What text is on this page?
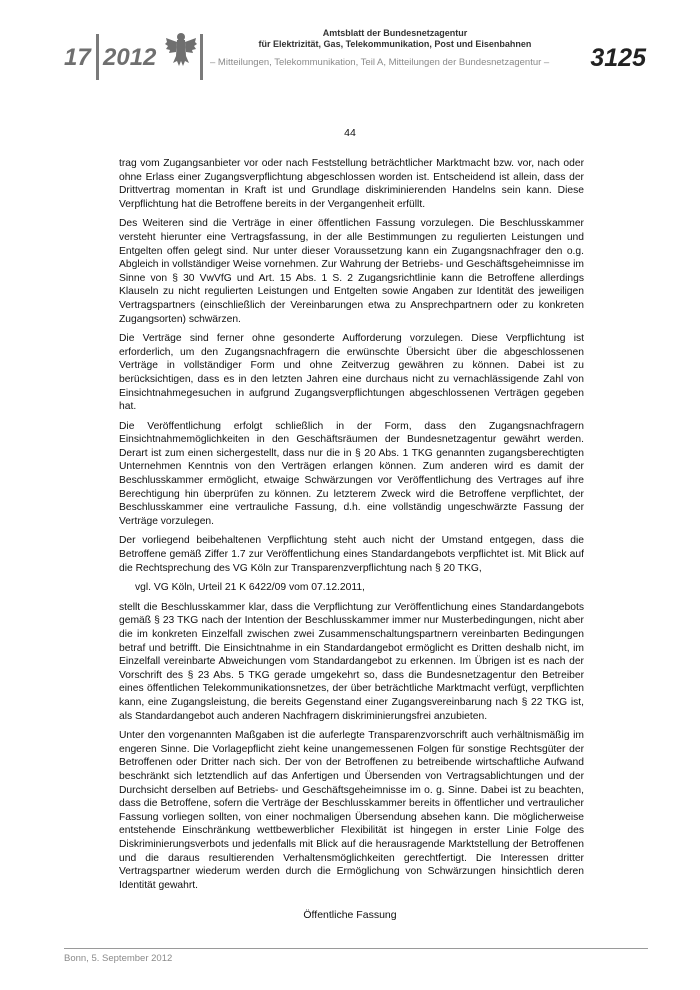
17 2012
Amtsblatt der Bundesnetzagentur
für Elektrizität, Gas, Telekommunikation, Post und Eisenbahnen
– Mitteilungen, Telekommunikation, Teil A, Mitteilungen der Bundesnetzagentur – 3125
44

trag vom Zugangsanbieter vor oder nach Feststellung beträchtlicher Marktmacht bzw. vor, nach oder ohne Erlass einer Zugangsverpflichtung abgeschlossen worden ist. Entscheidend ist allein, dass der Drittvertrag momentan in Kraft ist und Grundlage diskriminierenden Handelns sein kann. Diese Verpflichtung hat die Betroffene bereits in der Vergangenheit erfüllt.

Des Weiteren sind die Verträge in einer öffentlichen Fassung vorzulegen. Die Beschlusskammer versteht hierunter eine Vertragsfassung, in der alle Bestimmungen zu regulierten Leistungen und Entgelten offen gelegt sind. Nur unter dieser Voraussetzung kann ein Zugangsnachfrager den o.g. Abgleich in vollständiger Weise vornehmen. Zur Wahrung der Betriebs- und Geschäftsgeheimnisse im Sinne von § 30 VwVfG und Art. 15 Abs. 1 S. 2 Zugangsrichtlinie kann die Betroffene allerdings Klauseln zu nicht regulierten Leistungen und Entgelten sowie Angaben zur Identität des jeweiligen Vertragspartners (einschließlich der Vereinbarungen etwa zu Ansprechpartnern oder zu konkreten Zugangsorten) schwärzen.

Die Verträge sind ferner ohne gesonderte Aufforderung vorzulegen. Diese Verpflichtung ist erforderlich, um den Zugangsnachfragern die erwünschte Übersicht über die abgeschlossenen Verträge in vollständiger Form und ohne Zeitverzug gewähren zu können. Dabei ist zu berücksichtigen, dass es in den letzten Jahren eine durchaus nicht zu vernachlässigende Zahl von Einsichtnahmegesuchen in aufgrund Zugangsverpflichtungen abgeschlossenen Verträgen gegeben hat.

Die Veröffentlichung erfolgt schließlich in der Form, dass den Zugangsnachfragern Einsichtnahmemöglichkeiten in den Geschäftsräumen der Bundesnetzagentur gewährt werden. Derart ist zum einen sichergestellt, dass nur die in § 20 Abs. 1 TKG genannten zugangsberechtigten Unternehmen Kenntnis von den Verträgen erlangen können. Zum anderen wird es damit der Beschlusskammer ermöglicht, etwaige Schwärzungen vor Veröffentlichung des Vertrages auf ihre Berechtigung hin überprüfen zu können. Zu letzterem Zweck wird die Betroffene verpflichtet, der Beschlusskammer eine vertrauliche Fassung, d.h. eine vollständig ungeschwärzte Fassung der Verträge vorzulegen.

Der vorliegend beibehaltenen Verpflichtung steht auch nicht der Umstand entgegen, dass die Betroffene gemäß Ziffer 1.7 zur Veröffentlichung eines Standardangebots verpflichtet ist. Mit Blick auf die Rechtsprechung des VG Köln zur Transparenzverpflichtung nach § 20 TKG,

vgl. VG Köln, Urteil 21 K 6422/09 vom 07.12.2011,

stellt die Beschlusskammer klar, dass die Verpflichtung zur Veröffentlichung eines Standardangebots gemäß § 23 TKG nach der Intention der Beschlusskammer immer nur Musterbedingungen, nicht aber die im konkreten Einzelfall zwischen zwei Zusammenschaltungspartnern vereinbarten Bedingungen betraf und betrifft. Die Einsichtnahme in ein Standardangebot ermöglicht es Dritten deshalb nicht, im Einzelfall vereinbarte Abweichungen vom Standardangebot zu erkennen. Im Übrigen ist es nach der Vorschrift des § 23 Abs. 5 TKG gerade umgekehrt so, dass die Bundesnetzagentur den Betreiber eines öffentlichen Telekommunikationsnetzes, der über beträchtliche Marktmacht verfügt, verpflichten kann, eine Zugangsleistung, die bereits Gegenstand einer Zugangsvereinbarung nach § 22 TKG ist, als Standardangebot auch anderen Nachfragern diskriminierungsfrei anzubieten.

Unter den vorgenannten Maßgaben ist die auferlegte Transparenzvorschrift auch verhältnismäßig im engeren Sinne. Die Vorlagepflicht zieht keine unangemessenen Folgen für sonstige Rechtsgüter der Betroffenen oder Dritter nach sich. Der von der Betroffenen zu betreibende wirtschaftliche Aufwand beschränkt sich letztendlich auf das Anfertigen und Übersenden von Vertragsablichtungen und der Durchsicht derselben auf Betriebs- und Geschäftsgeheimnisse im o. g. Sinne. Dabei ist zu beachten, dass die Betroffene, sofern die Verträge der Beschlusskammer bereits in öffentlicher und vertraulicher Fassung vorliegen sollten, von einer nochmaligen Übersendung absehen kann. Die möglicherweise entstehende Einschränkung wettbewerblicher Flexibilität ist hingegen in erster Linie Folge des Diskriminierungsverbots und jedenfalls mit Blick auf die herausragende Marktstellung der Betroffenen und die daraus resultierenden Verhaltensmöglichkeiten gerechtfertigt. Die Interessen dritter Vertragspartner wiederum werden durch die Ermöglichung von Schwärzungen hinsichtlich deren Identität gewahrt.

Öffentliche Fassung
Bonn, 5. September 2012
